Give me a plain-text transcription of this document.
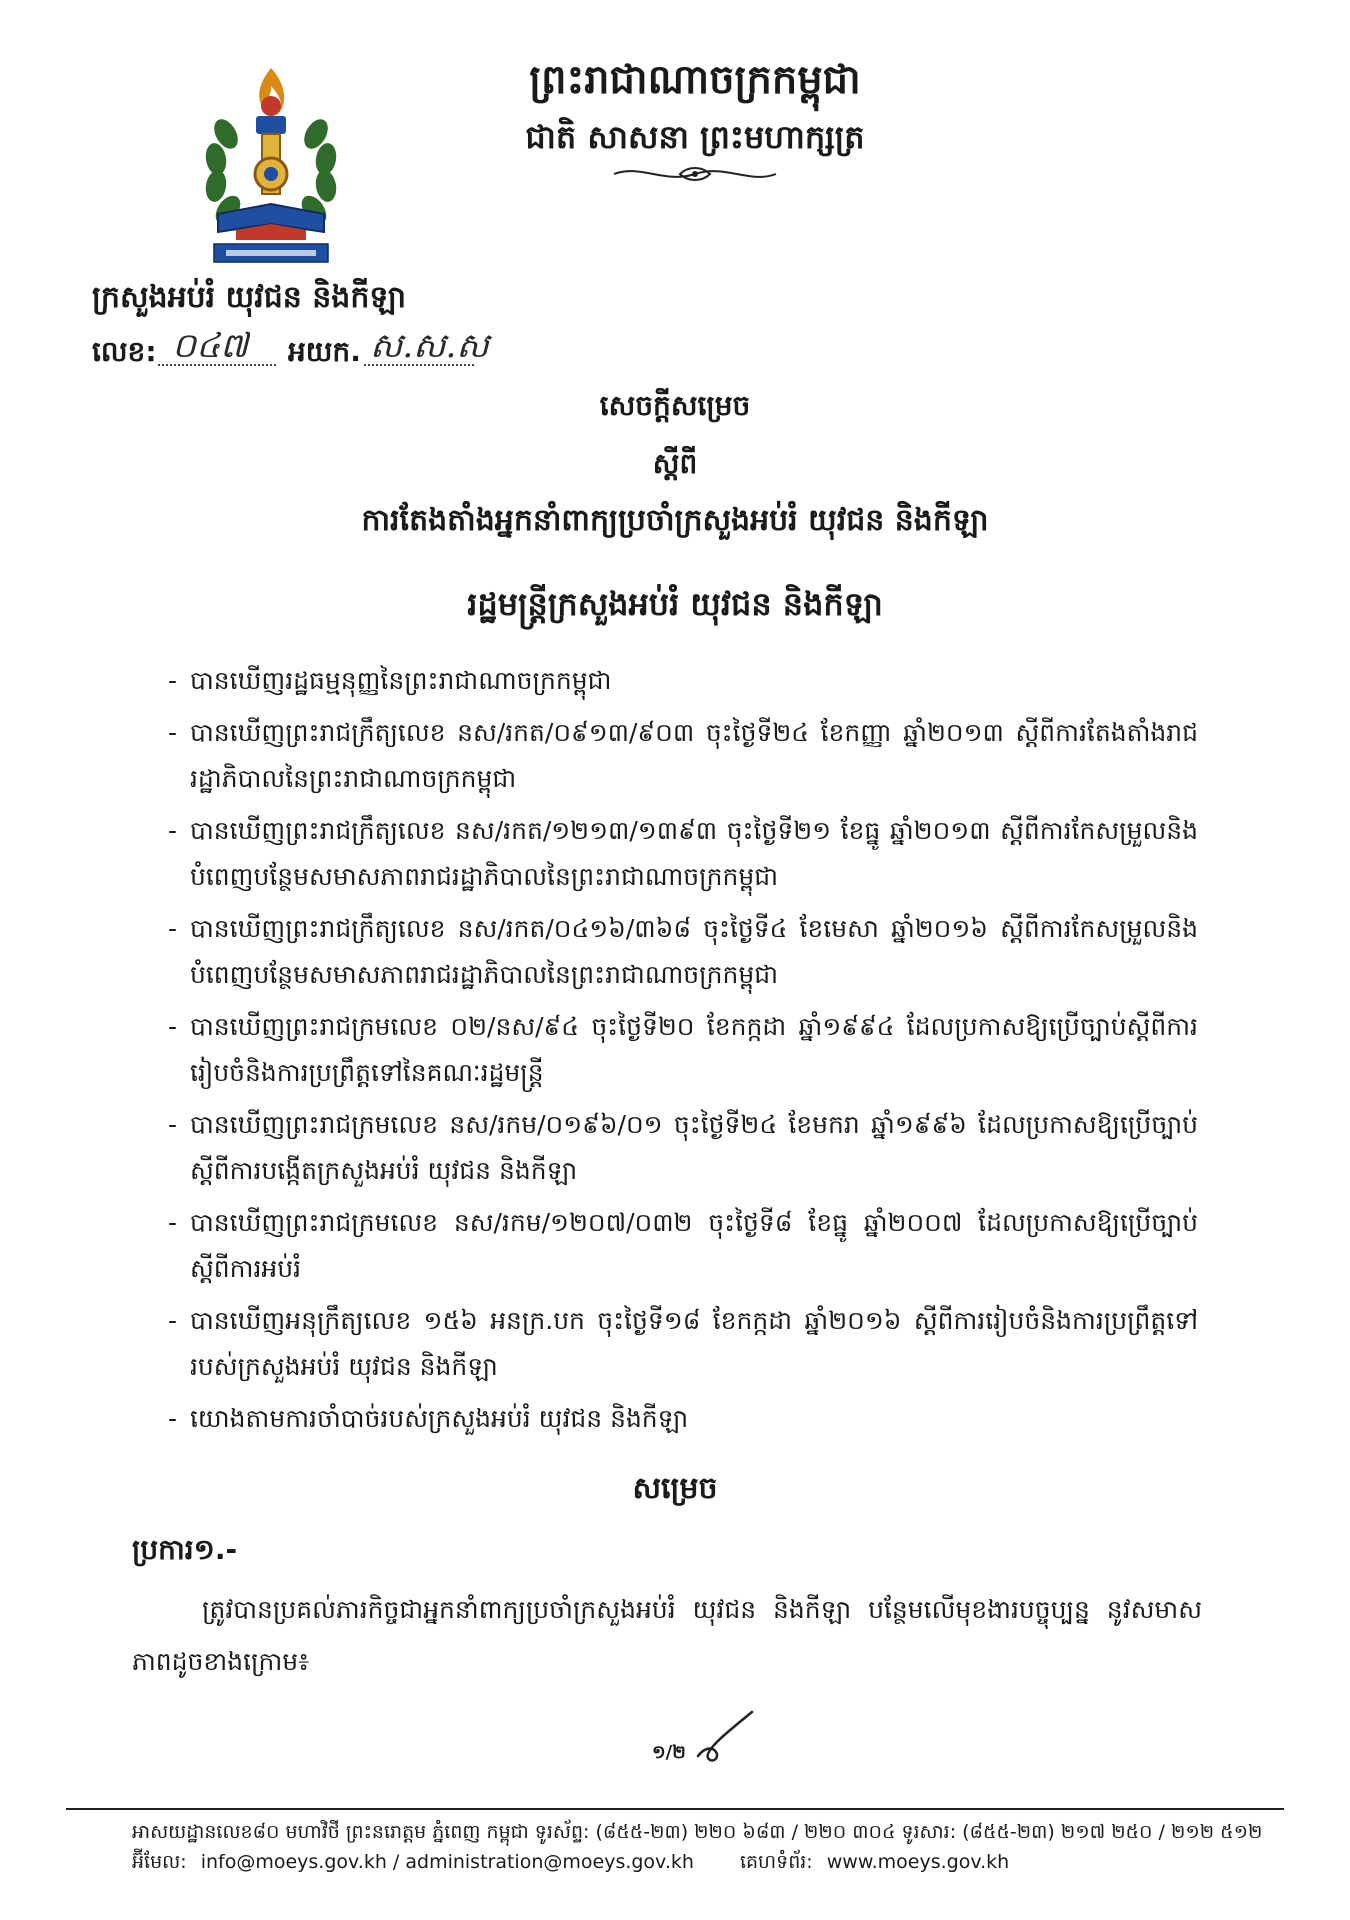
ព្រះរាជាណាចក្រកម្ពុជា
ជាតិ សាសនា ព្រះមហាក្សត្រ
ក្រសួងអប់រំ យុវជន និងកីឡា
លេខ: ០៤៧ អយក. ស.ស.ស
សេចក្តីសម្រេច
ស្តីពី
ការតែងតាំងអ្នកនាំពាក្យប្រចាំក្រសួងអប់រំ យុវជន និងកីឡា
រដ្ឋមន្ត្រីក្រសួងអប់រំ យុវជន និងកីឡា
- បានឃើញរដ្ឋធម្មនុញ្ញនៃព្រះរាជាណាចក្រកម្ពុជា
- បានឃើញព្រះរាជក្រឹត្យលេខ នស/រកត/០៩១៣/៩០៣ ចុះថ្ងៃទី២៤ ខែកញ្ញា ឆ្នាំ២០១៣ ស្តីពីការតែងតាំងរាជរដ្ឋាភិបាលនៃព្រះរាជាណាចក្រកម្ពុជា
- បានឃើញព្រះរាជក្រឹត្យលេខ នស/រកត/១២១៣/១៣៩៣ ចុះថ្ងៃទី២១ ខែធ្នូ ឆ្នាំ២០១៣ ស្តីពីការកែសម្រួលនិងបំពេញបន្ថែមសមាសភាពរាជរដ្ឋាភិបាលនៃព្រះរាជាណាចក្រកម្ពុជា
- បានឃើញព្រះរាជក្រឹត្យលេខ នស/រកត/០៤១៦/៣៦៨ ចុះថ្ងៃទី៤ ខែមេសា ឆ្នាំ២០១៦ ស្តីពីការកែសម្រួលនិងបំពេញបន្ថែមសមាសភាពរាជរដ្ឋាភិបាលនៃព្រះរាជាណាចក្រកម្ពុជា
- បានឃើញព្រះរាជក្រមលេខ ០២/នស/៩៤ ចុះថ្ងៃទី២០ ខែកក្កដា ឆ្នាំ១៩៩៤ ដែលប្រកាសឱ្យប្រើច្បាប់ស្តីពីការរៀបចំនិងការប្រព្រឹត្តទៅនៃគណៈរដ្ឋមន្ត្រី
- បានឃើញព្រះរាជក្រមលេខ នស/រកម/០១៩៦/០១ ចុះថ្ងៃទី២៤ ខែមករា ឆ្នាំ១៩៩៦ ដែលប្រកាសឱ្យប្រើច្បាប់ស្តីពីការបង្កើតក្រសួងអប់រំ យុវជន និងកីឡា
- បានឃើញព្រះរាជក្រមលេខ នស/រកម/១២០៧/០៣២ ចុះថ្ងៃទី៨ ខែធ្នូ ឆ្នាំ២០០៧ ដែលប្រកាសឱ្យប្រើច្បាប់ស្តីពីការអប់រំ
- បានឃើញអនុក្រឹត្យលេខ ១៥៦ អនក្រ.បក ចុះថ្ងៃទី១៨ ខែកក្កដា ឆ្នាំ២០១៦ ស្តីពីការរៀបចំនិងការប្រព្រឹត្តទៅរបស់ក្រសួងអប់រំ យុវជន និងកីឡា
- យោងតាមការចាំបាច់របស់ក្រសួងអប់រំ យុវជន និងកីឡា
សម្រេច
ប្រការ១.-
ត្រូវបានប្រគល់ភារកិច្ចជាអ្នកនាំពាក្យប្រចាំក្រសួងអប់រំ យុវជន និងកីឡា បន្ថែមលើមុខងារបច្ចុប្បន្ន នូវសមាសភាពដូចខាងក្រោម៖
១/២
អាសយដ្ឋានលេខ៨០ មហាវិថី ព្រះនរោត្តម ភ្នំពេញ កម្ពុជា ទូរស័ព្ទ: (៨៥៥-២៣) ២២០ ៦៨៣ / ២២០ ៣០៤ ទូរសារ: (៨៥៥-២៣) ២១៧ ២៥០ / ២១២ ៥១២
អ៊ីមែល: info@moeys.gov.kh / administration@moeys.gov.kh គេហទំព័រ: www.moeys.gov.kh
